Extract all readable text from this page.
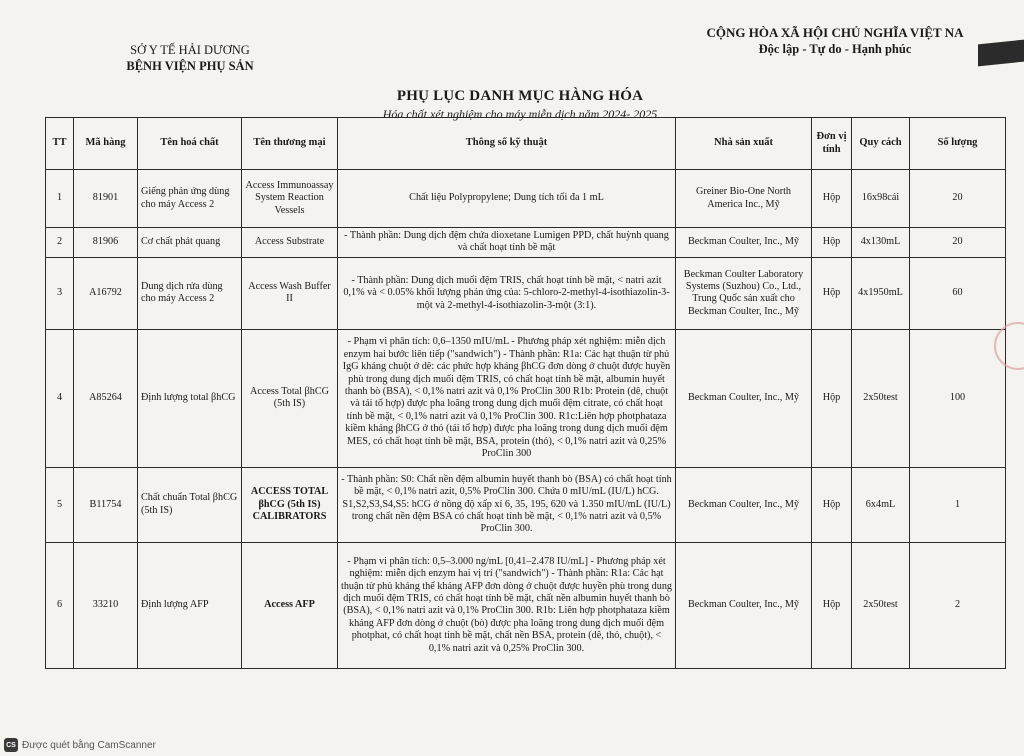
SỞ Y TẾ HẢI DƯƠNG
BỆNH VIỆN PHỤ SẢN
CỘNG HÒA XÃ HỘI CHỦ NGHĨA VIỆT NA
Độc lập - Tự do - Hạnh phúc
PHỤ LỤC DANH MỤC HÀNG HÓA
Hóa chất xét nghiệm cho máy miễn dịch năm 2024- 2025
TT	Mã hàng	Tên hoá chất	Tên thương mại	Thông số kỹ thuật	Nhà sản xuất	Đơn vị tính	Quy cách	Số lượng
1	81901	Giếng phản ứng dùng cho máy Access 2	Access Immunoassay System Reaction Vessels	Chất liệu Polypropylene; Dung tích tối đa 1 mL	Greiner Bio-One North America Inc., Mỹ	Hộp	16x98cái	20
2	81906	Cơ chất phát quang	Access Substrate	- Thành phần: Dung dịch đệm chứa dioxetane Lumigen PPD, chất huỳnh quang và chất hoạt tính bề mặt	Beckman Coulter, Inc., Mỹ	Hộp	4x130mL	20
3	A16792	Dung dịch rửa dùng cho máy Access 2	Access Wash Buffer II	- Thành phần: Dung dịch muối đệm TRIS, chất hoạt tính bề mặt, < natri azit 0,1% và < 0.05% khối lượng phản ứng của: 5-chloro-2-methyl-4-isothiazolin-3-một và 2-methyl-4-isothiazolin-3-một (3:1).	Beckman Coulter Laboratory Systems (Suzhou) Co., Ltd., Trung Quốc sản xuất cho Beckman Coulter, Inc., Mỹ	Hộp	4x1950mL	60
4	A85264	Định lượng total βhCG	Access Total βhCG (5th IS)	- Phạm vi phân tích: 0,6–1350 mIU/mL - Phương pháp xét nghiệm: miễn dịch enzym hai bước liên tiếp ("sandwich") - Thành phần: R1a: Các hạt thuận từ phủ IgG kháng chuột ở dê: các phức hợp kháng βhCG đơn dòng ở chuột được huyền phù trong dung dịch muối đệm TRIS, có chất hoạt tính bề mặt, albumin huyết thanh bò (BSA), < 0,1% natri azit và 0,1% ProClin 300 R1b: Protein (dê, chuột và tái tổ hợp) được pha loãng trong dung dịch muối đệm citrate, có chất hoạt tính bề mặt, < 0,1% natri azit và 0,1% ProClin 300. R1c:Liên hợp photphataza kiềm kháng βhCG ở thỏ (tái tổ hợp) được pha loãng trong dung dịch muối đệm MES, có chất hoạt tính bề mặt, BSA, protein (thỏ), < 0,1% natri azit và 0,25% ProClin 300	Beckman Coulter, Inc., Mỹ	Hộp	2x50test	100
5	B11754	Chất chuẩn Total βhCG (5th IS)	ACCESS TOTAL βhCG (5th IS) CALIBRATORS	- Thành phần: S0: Chất nền đệm albumin huyết thanh bò (BSA) có chất hoạt tính bề mặt, < 0,1% natri azit, 0,5% ProClin 300. Chứa 0 mIU/mL (IU/L) hCG. S1,S2,S3,S4,S5: hCG ở nồng độ xấp xỉ 6, 35, 195, 620 và 1.350 mIU/mL (IU/L) trong chất nền đệm BSA có chất hoạt tính bề mặt, < 0,1% natri azit và 0,5% ProClin 300.	Beckman Coulter, Inc., Mỹ	Hộp	6x4mL	1
6	33210	Định lượng AFP	Access AFP	- Phạm vi phân tích: 0,5–3.000 ng/mL [0,41–2.478 IU/mL] - Phương pháp xét nghiệm: miễn dịch enzym hai vị trí ("sandwich") - Thành phần: R1a: Các hạt thuận từ phủ kháng thể kháng AFP đơn dòng ở chuột được huyền phù trong dung dịch muối đệm TRIS, có chất hoạt tính bề mặt, chất nền albumin huyết thanh bò (BSA), < 0,1% natri azit và 0,1% ProClin 300. R1b: Liên hợp photphataza kiềm kháng AFP đơn dòng ở chuột (bò) được pha loãng trong dung dịch muối đệm photphat, có chất hoạt tính bề mặt, chất nền BSA, protein (dê, thỏ, chuột), < 0,1% natri azit và 0,25% ProClin 300.	Beckman Coulter, Inc., Mỹ	Hộp	2x50test	2
CS Được quét bằng CamScanner
